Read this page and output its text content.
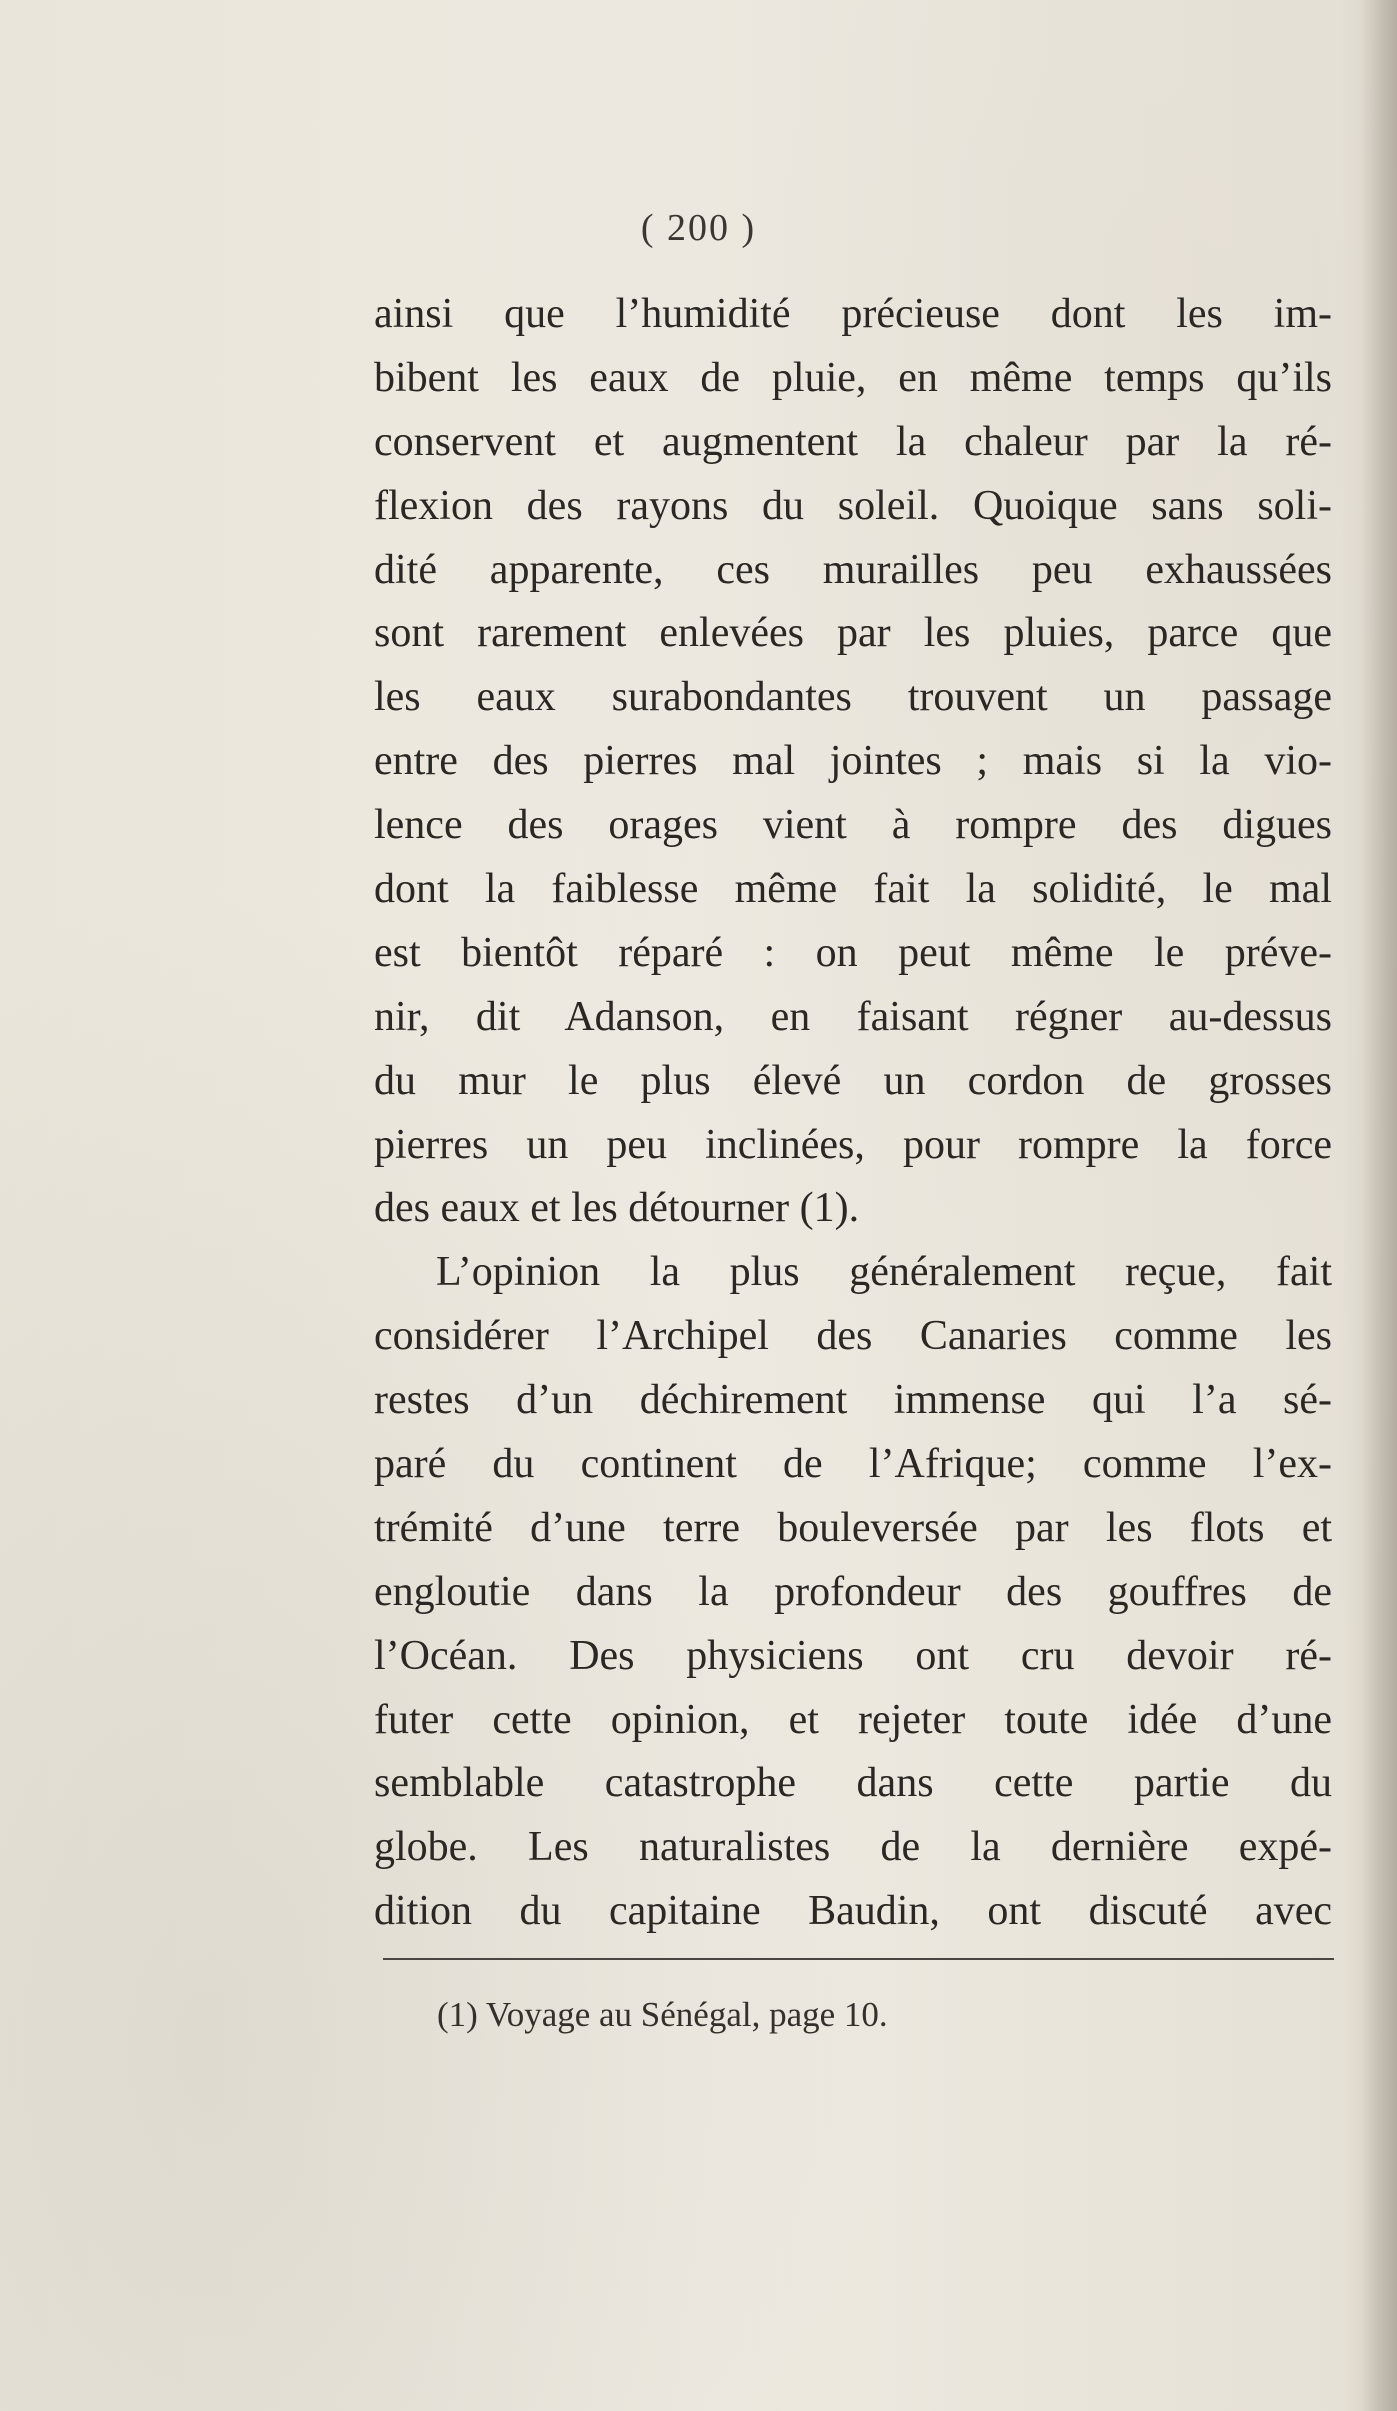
( 200 )
ainsi que l’humidité précieuse dont les im-
bibent les eaux de pluie, en même temps qu’ils
conservent et augmentent la chaleur par la ré-
flexion des rayons du soleil. Quoique sans soli-
dité apparente, ces murailles peu exhaussées
sont rarement enlevées par les pluies, parce que
les eaux surabondantes trouvent un passage
entre des pierres mal jointes ; mais si la vio-
lence des orages vient à rompre des digues
dont la faiblesse même fait la solidité, le mal
est bientôt réparé : on peut même le préve-
nir, dit Adanson, en faisant régner au-dessus
du mur le plus élevé un cordon de grosses
pierres un peu inclinées, pour rompre la force
des eaux et les détourner (1).
L’opinion la plus généralement reçue, fait
considérer l’Archipel des Canaries comme les
restes d’un déchirement immense qui l’a sé-
paré du continent de l’Afrique; comme l’ex-
trémité d’une terre bouleversée par les flots et
engloutie dans la profondeur des gouffres de
l’Océan. Des physiciens ont cru devoir ré-
futer cette opinion, et rejeter toute idée d’une
semblable catastrophe dans cette partie du
globe. Les naturalistes de la dernière expé-
dition du capitaine Baudin, ont discuté avec
(1) Voyage au Sénégal, page 10.
